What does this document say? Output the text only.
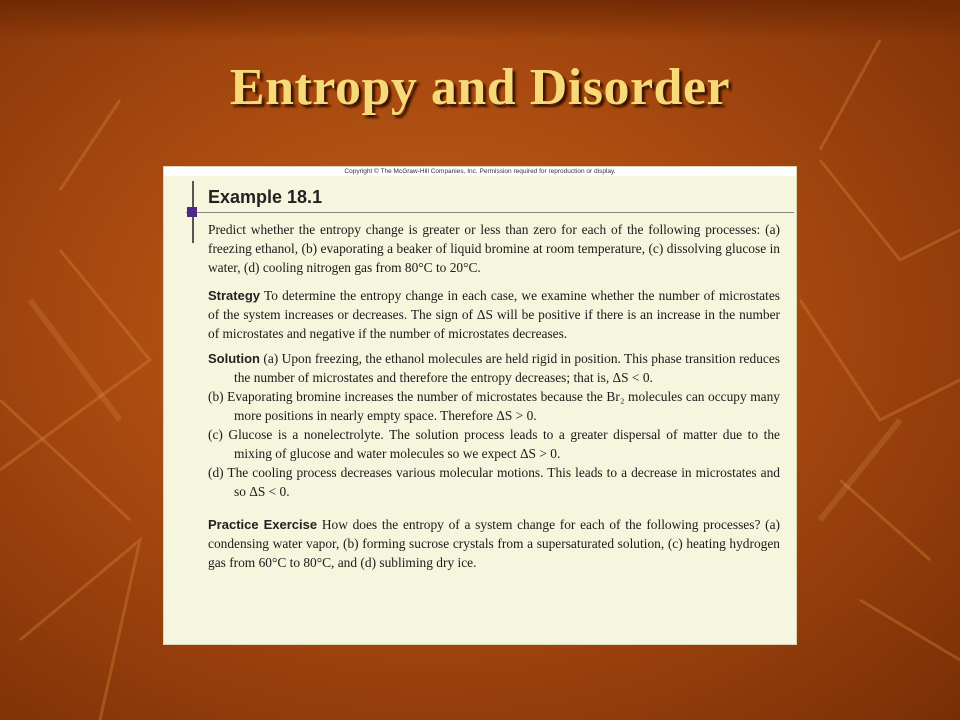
Entropy and Disorder
Copyright © The McGraw-Hill Companies, Inc. Permission required for reproduction or display.
Example 18.1

Predict whether the entropy change is greater or less than zero for each of the following processes: (a) freezing ethanol, (b) evaporating a beaker of liquid bromine at room temperature, (c) dissolving glucose in water, (d) cooling nitrogen gas from 80°C to 20°C.

Strategy To determine the entropy change in each case, we examine whether the number of microstates of the system increases or decreases. The sign of ΔS will be positive if there is an increase in the number of microstates and negative if the number of microstates decreases.

Solution (a) Upon freezing, the ethanol molecules are held rigid in position. This phase transition reduces the number of microstates and therefore the entropy decreases; that is, ΔS < 0.

(b) Evaporating bromine increases the number of microstates because the Br₂ molecules can occupy many more positions in nearly empty space. Therefore ΔS > 0.

(c) Glucose is a nonelectrolyte. The solution process leads to a greater dispersal of matter due to the mixing of glucose and water molecules so we expect ΔS > 0.

(d) The cooling process decreases various molecular motions. This leads to a decrease in microstates and so ΔS < 0.

Practice Exercise How does the entropy of a system change for each of the following processes? (a) condensing water vapor, (b) forming sucrose crystals from a supersaturated solution, (c) heating hydrogen gas from 60°C to 80°C, and (d) subliming dry ice.
